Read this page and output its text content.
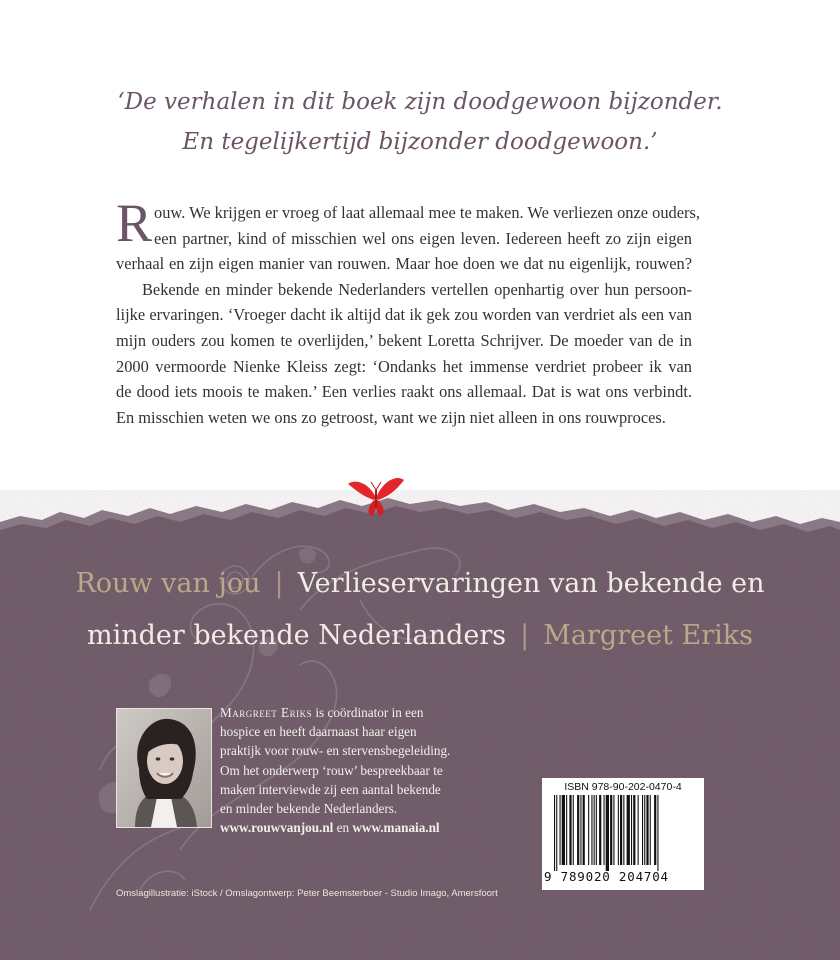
‘De verhalen in dit boek zijn doodgewoon bijzonder.
En tegelijkertijd bijzonder doodgewoon.’
R ouw. We krijgen er vroeg of laat allemaal mee te maken. We verliezen onze ouders,
een partner, kind of misschien wel ons eigen leven. Iedereen heeft zo zijn eigen
verhaal en zijn eigen manier van rouwen. Maar hoe doen we dat nu eigenlijk, rouwen?
Bekende en minder bekende Nederlanders vertellen openhartig over hun persoon-
lijke ervaringen. ‘Vroeger dacht ik altijd dat ik gek zou worden van verdriet als een van
mijn ouders zou komen te overlijden,’ bekent Loretta Schrijver. De moeder van de in
2000 vermoorde Nienke Kleiss zegt: ‘Ondanks het immense verdriet probeer ik van
de dood iets moois te maken.’ Een verlies raakt ons allemaal. Dat is wat ons verbindt.
En misschien weten we ons zo getroost, want we zijn niet alleen in ons rouwproces.
Rouw van jou | Verlieservaringen van bekende en
minder bekende Nederlanders | Margreet Eriks
Margreet Eriks is coördinator in een
hospice en heeft daarnaast haar eigen
praktijk voor rouw- en stervensbegeleiding.
Om het onderwerp ‘rouw’ bespreekbaar te
maken interviewde zij een aantal bekende
en minder bekende Nederlanders.
www.rouwvanjou.nl en www.manaia.nl
ISBN 978-90-202-0470-4
9 789020 204704
Omslagillustratie: iStock / Omslagontwerp: Peter Beemsterboer - Studio Imago, Amersfoort
